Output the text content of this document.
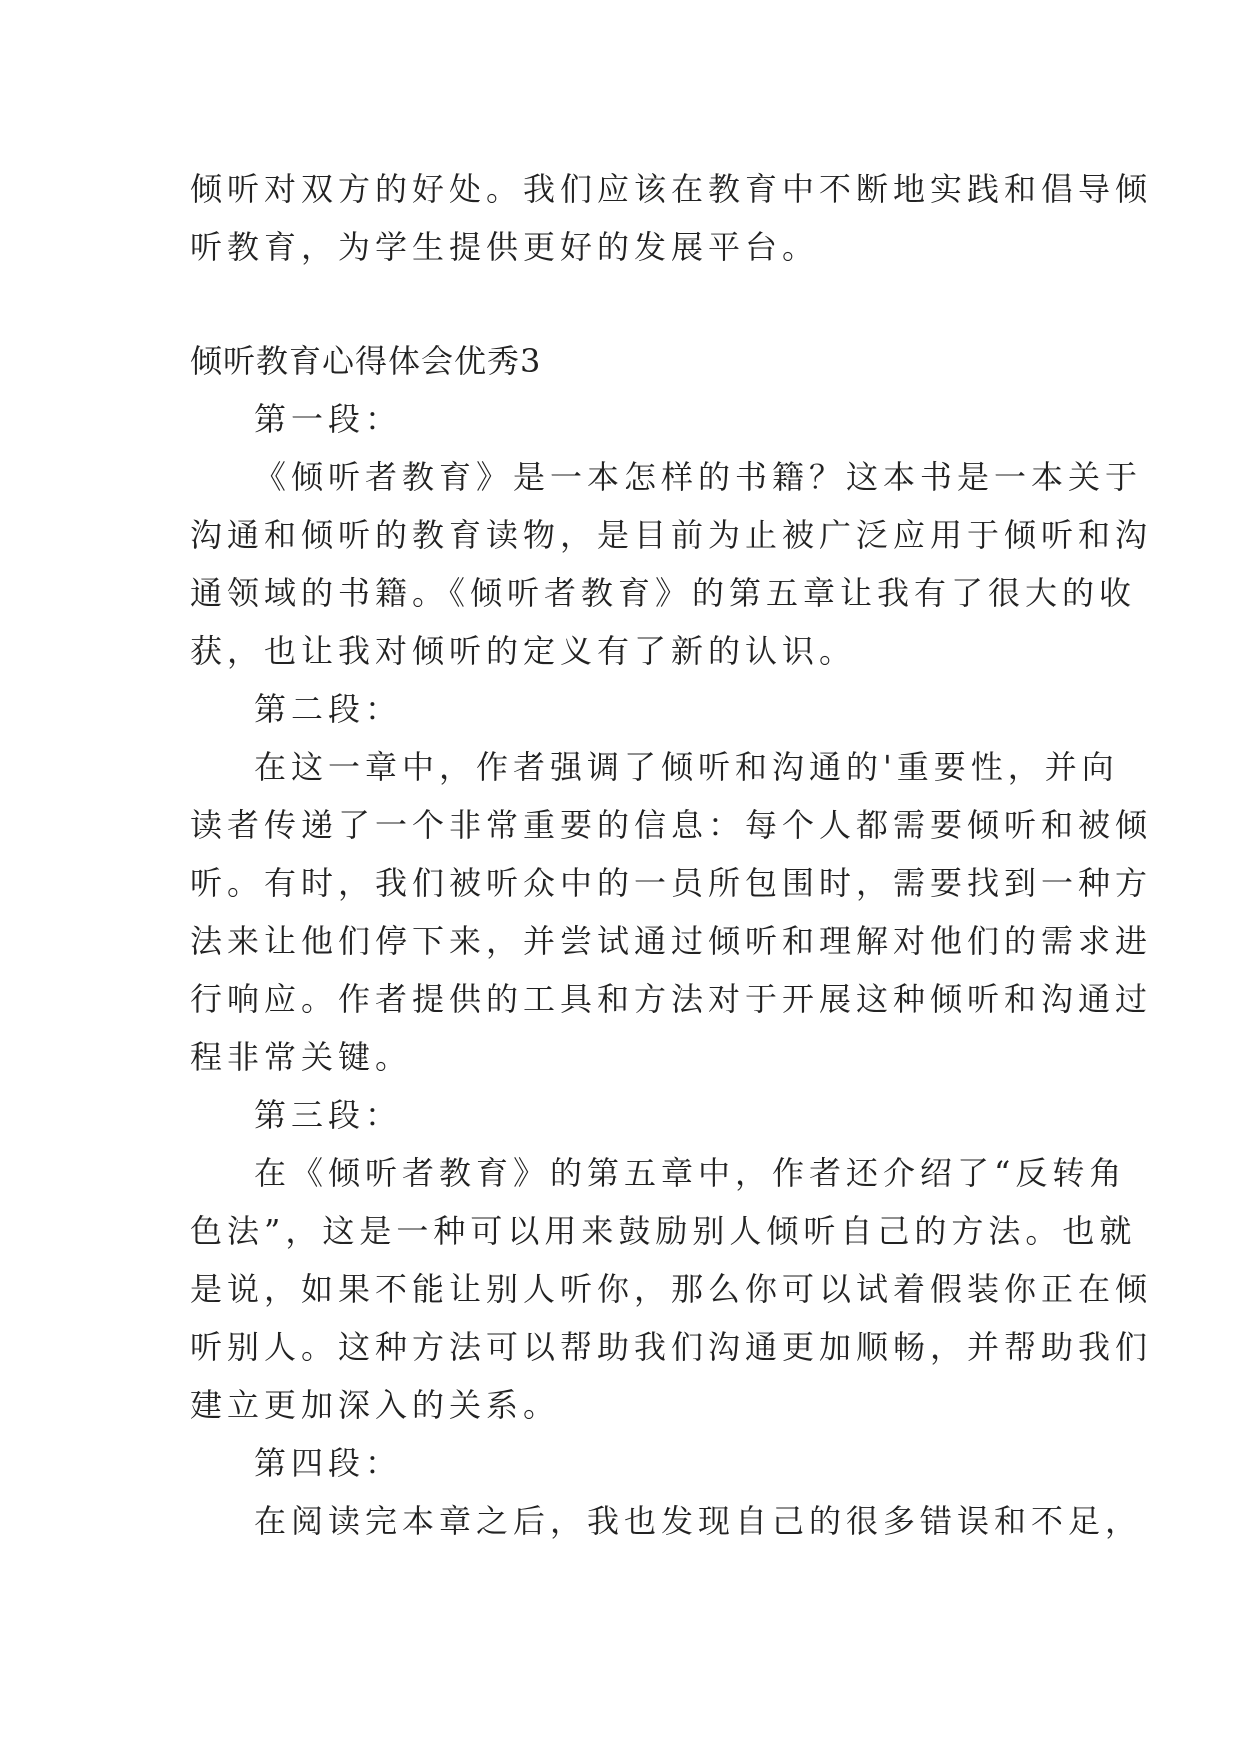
倾听对双方的好处。我们应该在教育中不断地实践和倡导倾
听教育，为学生提供更好的发展平台。
倾听教育心得体会优秀3
第一段：
《倾听者教育》是一本怎样的书籍？这本书是一本关于
沟通和倾听的教育读物，是目前为止被广泛应用于倾听和沟
通领域的书籍。《倾听者教育》的第五章让我有了很大的收
获，也让我对倾听的定义有了新的认识。
第二段：
在这一章中，作者强调了倾听和沟通的'重要性，并向
读者传递了一个非常重要的信息：每个人都需要倾听和被倾
听。有时，我们被听众中的一员所包围时，需要找到一种方
法来让他们停下来，并尝试通过倾听和理解对他们的需求进
行响应。作者提供的工具和方法对于开展这种倾听和沟通过
程非常关键。
第三段：
在《倾听者教育》的第五章中，作者还介绍了“反转角
色法”，这是一种可以用来鼓励别人倾听自己的方法。也就
是说，如果不能让别人听你，那么你可以试着假装你正在倾
听别人。这种方法可以帮助我们沟通更加顺畅，并帮助我们
建立更加深入的关系。
第四段：
在阅读完本章之后，我也发现自己的很多错误和不足，
